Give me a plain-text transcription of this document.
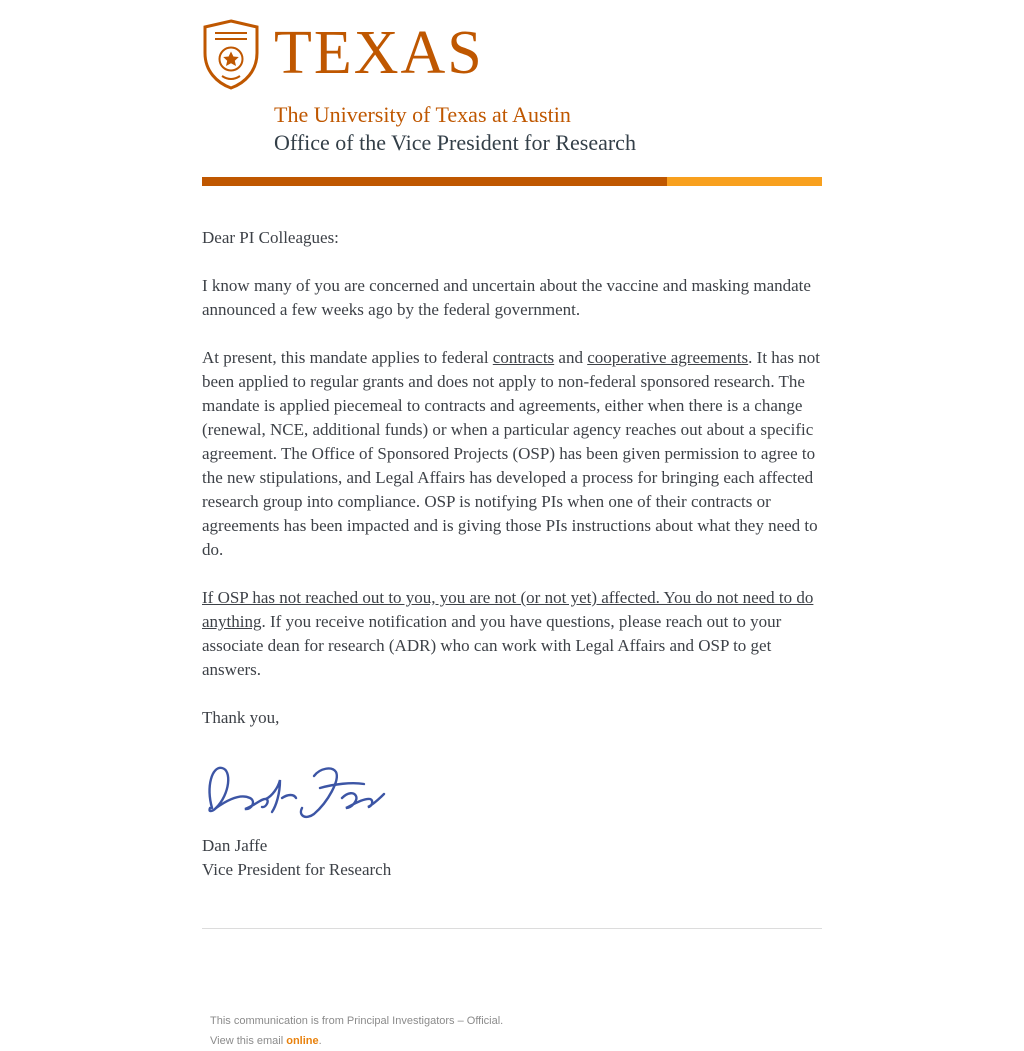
TEXAS
The University of Texas at Austin
Office of the Vice President for Research

Dear PI Colleagues:

I know many of you are concerned and uncertain about the vaccine and masking mandate announced a few weeks ago by the federal government.

At present, this mandate applies to federal contracts and cooperative agreements. It has not been applied to regular grants and does not apply to non-federal sponsored research. The mandate is applied piecemeal to contracts and agreements, either when there is a change (renewal, NCE, additional funds) or when a particular agency reaches out about a specific agreement. The Office of Sponsored Projects (OSP) has been given permission to agree to the new stipulations, and Legal Affairs has developed a process for bringing each affected research group into compliance. OSP is notifying PIs when one of their contracts or agreements has been impacted and is giving those PIs instructions about what they need to do.

If OSP has not reached out to you, you are not (or not yet) affected. You do not need to do anything. If you receive notification and you have questions, please reach out to your associate dean for research (ADR) who can work with Legal Affairs and OSP to get answers.

Thank you,

Dan Jaffe
Vice President for Research
This communication is from Principal Investigators – Official.
View this email online.
